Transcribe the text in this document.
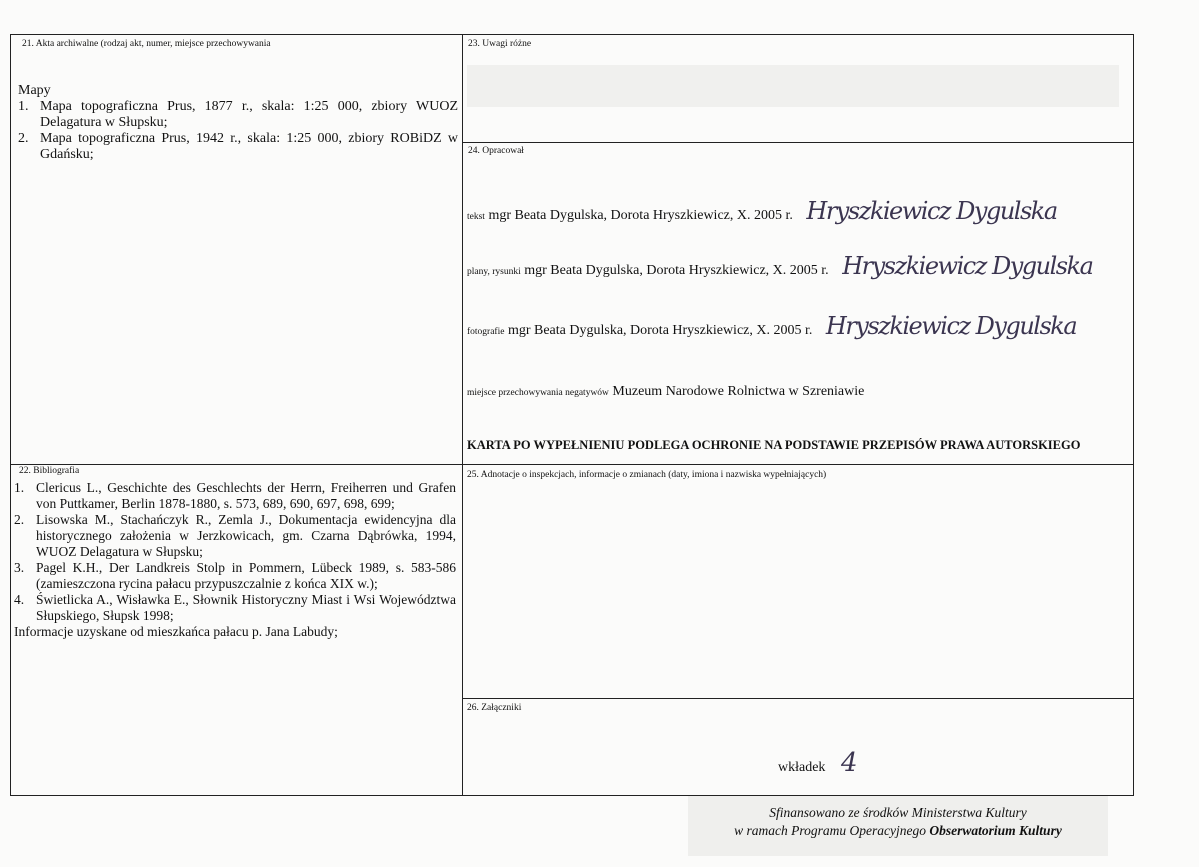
21. Akta archiwalne (rodzaj akt, numer, miejsce przechowywania
Mapy
1. Mapa topograficzna Prus, 1877 r., skala: 1:25 000, zbiory WUOZ Delagatura w Słupsku;
2. Mapa topograficzna Prus, 1942 r., skala: 1:25 000, zbiory ROBiDZ w Gdańsku;
23. Uwagi różne
24. Opracował
tekst mgr Beata Dygulska, Dorota Hryszkiewicz, X. 2005 r. Hryszkiewicz Dygulska
plany, rysunki mgr Beata Dygulska, Dorota Hryszkiewicz, X. 2005 r. Hryszkiewicz Dygulska
fotografie mgr Beata Dygulska, Dorota Hryszkiewicz, X. 2005 r. Hryszkiewicz Dygulska
miejsce przechowywania negatywów Muzeum Narodowe Rolnictwa w Szreniawie
KARTA PO WYPEŁNIENIU PODLEGA OCHRONIE NA PODSTAWIE PRZEPISÓW PRAWA AUTORSKIEGO
22. Bibliografia
1. Clericus L., Geschichte des Geschlechts der Herrn, Freiherren und Grafen von Puttkamer, Berlin 1878-1880, s. 573, 689, 690, 697, 698, 699;
2. Lisowska M., Stachańczyk R., Zemla J., Dokumentacja ewidencyjna dla historycznego założenia w Jerzkowicach, gm. Czarna Dąbrówka, 1994, WUOZ Delagatura w Słupsku;
3. Pagel K.H., Der Landkreis Stolp in Pommern, Lübeck 1989, s. 583-586 (zamieszczona rycina pałacu przypuszczalnie z końca XIX w.);
4. Świetlicka A., Wisławka E., Słownik Historyczny Miast i Wsi Województwa Słupskiego, Słupsk 1998;
Informacje uzyskane od mieszkańca pałacu p. Jana Labudy;
25. Adnotacje o inspekcjach, informacje o zmianach (daty, imiona i nazwiska wypełniających)
26. Załączniki
wkładek 4
Sfinansowano ze środków Ministerstwa Kultury
w ramach Programu Operacyjnego Obserwatorium Kultury
